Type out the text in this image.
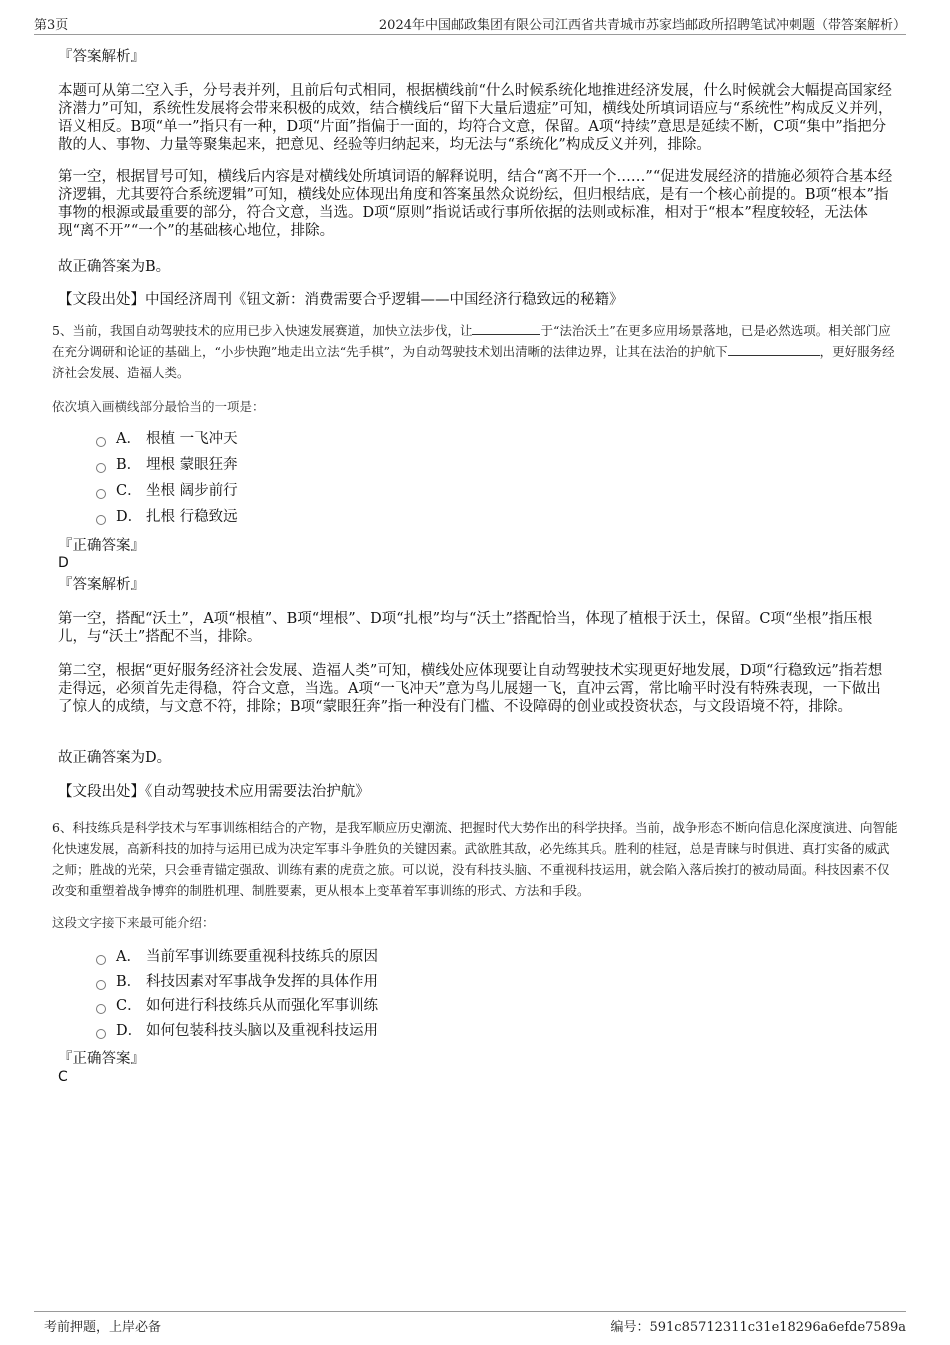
第3页	2024年中国邮政集团有限公司江西省共青城市苏家垱邮政所招聘笔试冲刺题（带答案解析）
『答案解析』
本题可从第二空入手，分号表并列，且前后句式相同，根据横线前“什么时候系统化地推进经济发展，什么时候就会大幅提高国家经济潜力”可知，系统性发展将会带来积极的成效，结合横线后“留下大量后遗症”可知，横线处所填词语应与“系统性”构成反义并列，语义相反。B项“单一”指只有一种，D项“片面”指偏于一面的，均符合文意，保留。A项“持续”意思是延续不断，C项“集中”指把分散的人、事物、力量等聚集起来，把意见、经验等归纳起来，均无法与“系统化”构成反义并列，排除。
第一空，根据冒号可知，横线后内容是对横线处所填词语的解释说明，结合“离不开一个……”“促进发展经济的措施必须符合基本经济逻辑，尤其要符合系统逻辑”可知，横线处应体现出角度和答案虽然众说纷纭，但归根结底，是有一个核心前提的。B项“根本”指事物的根源或最重要的部分，符合文意，当选。D项“原则”指说话或行事所依据的法则或标准，相对于“根本”程度较轻，无法体现“离不开”“一个”的基础核心地位，排除。
故正确答案为B。
【文段出处】中国经济周刊《钮文新：消费需要合乎逻辑——中国经济行稳致远的秘籍》
5、当前，我国自动驾驶技术的应用已步入快速发展赛道，加快立法步伐，让	于“法治沃土”在更多应用场景落地，已是必然选项。相关部门应在充分调研和论证的基础上，“小步快跑”地走出立法“先手棋”，为自动驾驶技术划出清晰的法律边界，让其在法治的护航下	，更好服务经济社会发展、造福人类。
依次填入画横线部分最恰当的一项是：
A． 根植 一飞冲天
B． 埋根 蒙眼狂奔
C． 坐根 阔步前行
D． 扎根 行稳致远
『正确答案』
D
『答案解析』
第一空，搭配“沃土”，A项“根植”、B项“埋根”、D项“扎根”均与“沃土”搭配恰当，体现了植根于沃土，保留。C项“坐根”指压根儿，与“沃土”搭配不当，排除。
第二空，根据“更好服务经济社会发展、造福人类”可知，横线处应体现要让自动驾驶技术实现更好地发展，D项“行稳致远”指若想走得远，必须首先走得稳，符合文意，当选。A项“一飞冲天”意为鸟儿展翅一飞，直冲云霄，常比喻平时没有特殊表现，一下做出了惊人的成绩，与文意不符，排除；B项“蒙眼狂奔”指一种没有门槛、不设障碍的创业或投资状态，与文段语境不符，排除。
故正确答案为D。
【文段出处】《自动驾驶技术应用需要法治护航》
6、科技练兵是科学技术与军事训练相结合的产物，是我军顺应历史潮流、把握时代大势作出的科学抉择。当前，战争形态不断向信息化深度演进、向智能化快速发展，高新科技的加持与运用已成为决定军事斗争胜负的关键因素。武欲胜其敌，必先练其兵。胜利的桂冠，总是青睐与时俱进、真打实备的威武之师；胜战的光荣，只会垂青锚定强敌、训练有素的虎贲之旅。可以说，没有科技头脑、不重视科技运用，就会陷入落后挨打的被动局面。科技因素不仅改变和重塑着战争博弈的制胜机理、制胜要素，更从根本上变革着军事训练的形式、方法和手段。
这段文字接下来最可能介绍：
A． 当前军事训练要重视科技练兵的原因
B． 科技因素对军事战争发挥的具体作用
C． 如何进行科技练兵从而强化军事训练
D． 如何包装科技头脑以及重视科技运用
『正确答案』
C
考前押题，上岸必备	编号：591c85712311c31e18296a6efde7589a
